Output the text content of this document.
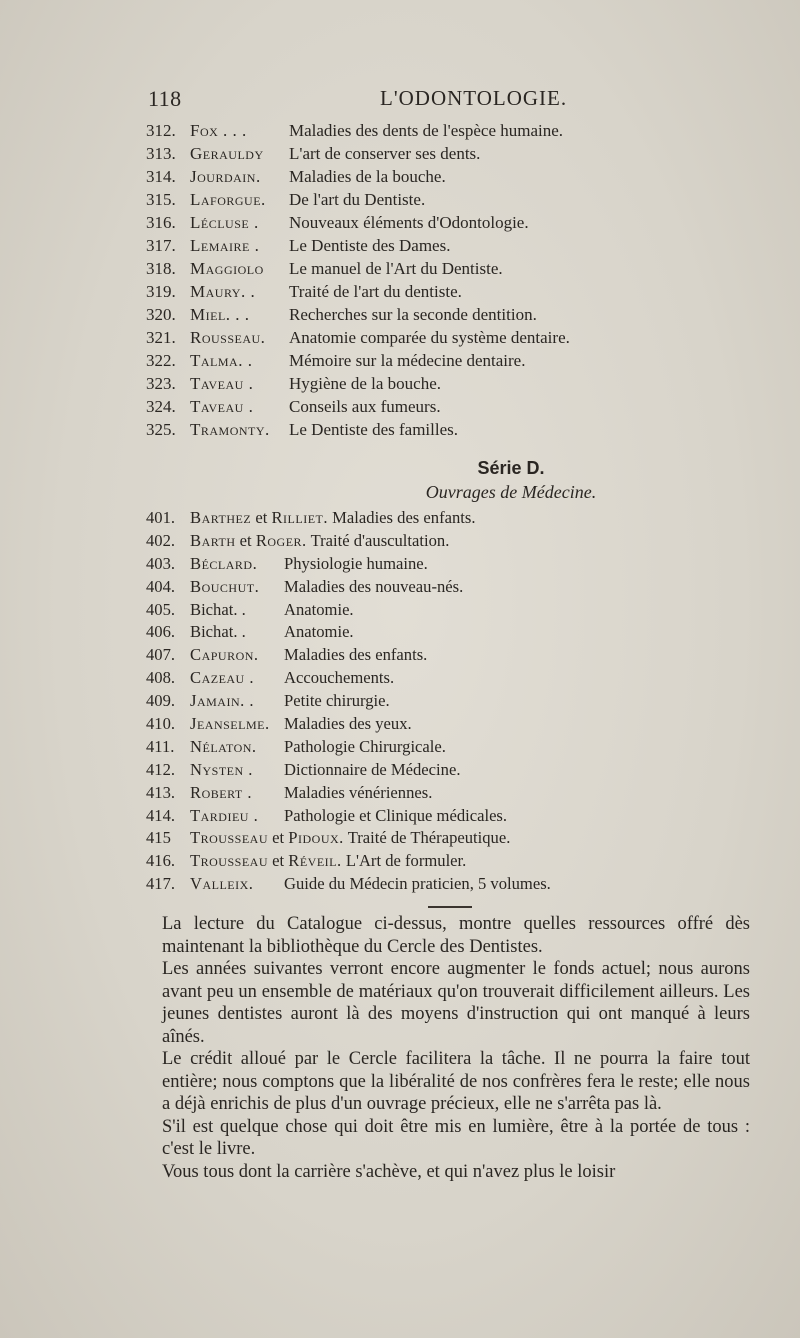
118	L'ODONTOLOGIE.
312. Fox . . . Maladies des dents de l'espèce humaine.
313. Gerauldy L'art de conserver ses dents.
314. Jourdain. Maladies de la bouche.
315. Laforgue. De l'art du Dentiste.
316. Lécluse . Nouveaux éléments d'Odontologie.
317. Lemaire . Le Dentiste des Dames.
318. Maggiolo Le manuel de l'Art du Dentiste.
319. Maury. . Traité de l'art du dentiste.
320. Miel. . . Recherches sur la seconde dentition.
321. Rousseau. Anatomie comparée du système dentaire.
322. Talma. . Mémoire sur la médecine dentaire.
323. Taveau . Hygiène de la bouche.
324. Taveau . Conseils aux fumeurs.
325. Tramonty. Le Dentiste des familles.
Série D.
Ouvrages de Médecine.
401. Barthez et Rilliet. Maladies des enfants.
402. Barth et Roger. Traité d'auscultation.
403. Béclard. Physiologie humaine.
404. Bouchut. Maladies des nouveau-nés.
405. Bichat. . Anatomie.
406. Bichat. . Anatomie.
407. Capuron. Maladies des enfants.
408. Cazeau . Accouchements.
409. Jamain. . Petite chirurgie.
410. Jeanselme. Maladies des yeux.
411. Nélaton. Pathologie Chirurgicale.
412. Nysten . Dictionnaire de Médecine.
413. Robert . Maladies vénériennes.
414. Tardieu . Pathologie et Clinique médicales.
415 Trousseau et Pidoux. Traité de Thérapeutique.
416. Trousseau et Réveil. L'Art de formuler.
417. Valleix. Guide du Médecin praticien, 5 volumes.

La lecture du Catalogue ci-dessus, montre quelles ressources offré dès maintenant la bibliothèque du Cercle des Dentistes.

Les années suivantes verront encore augmenter le fonds actuel; nous aurons avant peu un ensemble de matériaux qu'on trouverait difficilement ailleurs. Les jeunes dentistes auront là des moyens d'instruction qui ont manqué à leurs aînés.

Le crédit alloué par le Cercle facilitera la tâche. Il ne pourra la faire tout entière; nous comptons que la libéralité de nos confrères fera le reste; elle nous a déjà enrichis de plus d'un ouvrage précieux, elle ne s'arrêta pas là.

S'il est quelque chose qui doit être mis en lumière, être à la portée de tous : c'est le livre.

Vous tous dont la carrière s'achève, et qui n'avez plus le loisir
